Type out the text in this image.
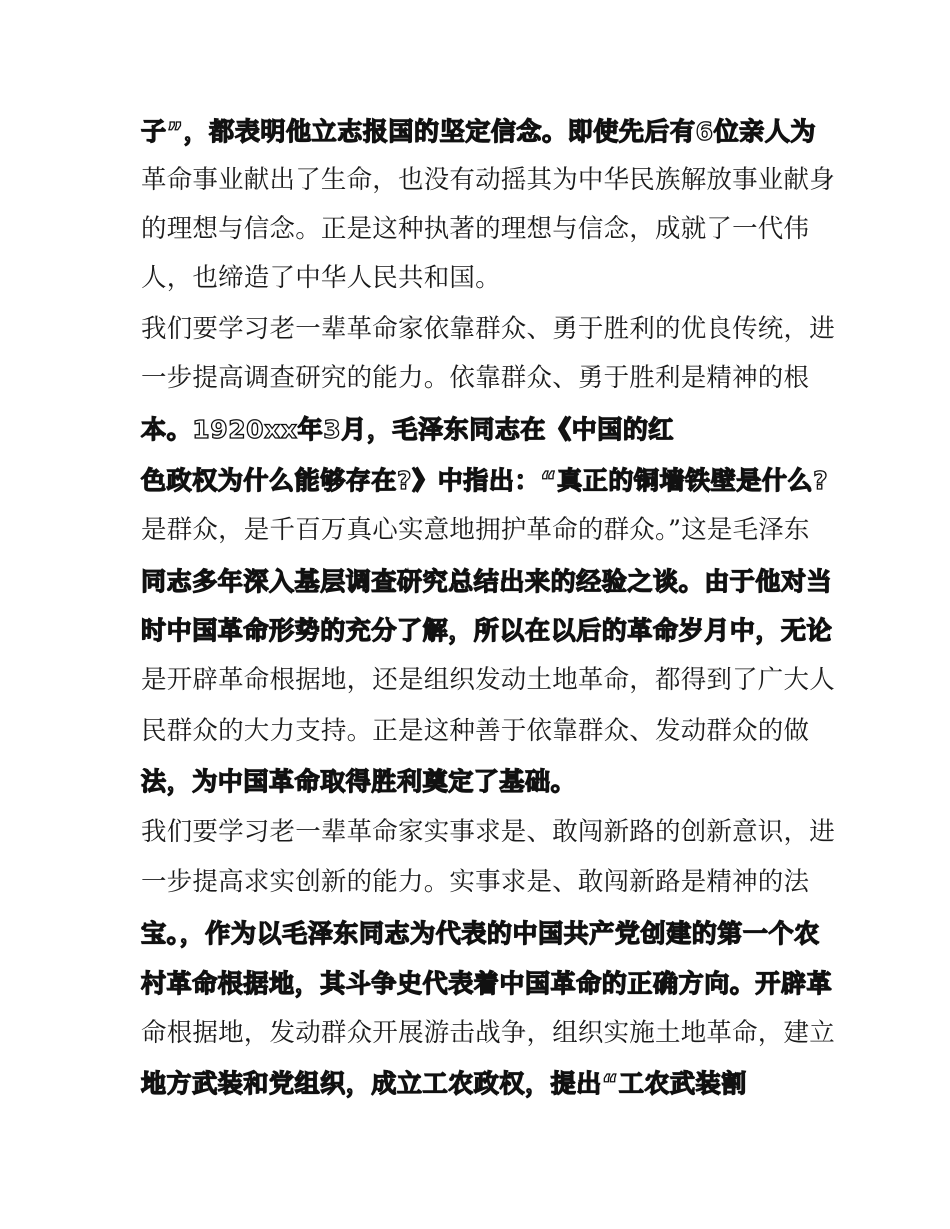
子”，都表明他立志报国的坚定信念。即使先后有6位亲人为
革命事业献出了生命，也没有动摇其为中华民族解放事业献身
的理想与信念。正是这种执著的理想与信念，成就了一代伟
人，也缔造了中华人民共和国。
我们要学习老一辈革命家依靠群众、勇于胜利的优良传统，进
一步提高调查研究的能力。依靠群众、勇于胜利是精神的根
本。1920xx年3月，毛泽东同志在《中国的红
色政权为什么能够存在?》中指出：“真正的铜墙铁壁是什么?
是群众，是千百万真心实意地拥护革命的群众。”这是毛泽东
同志多年深入基层调查研究总结出来的经验之谈。由于他对当
时中国革命形势的充分了解，所以在以后的革命岁月中，无论
是开辟革命根据地，还是组织发动土地革命，都得到了广大人
民群众的大力支持。正是这种善于依靠群众、发动群众的做
法，为中国革命取得胜利奠定了基础。
我们要学习老一辈革命家实事求是、敢闯新路的创新意识，进
一步提高求实创新的能力。实事求是、敢闯新路是精神的法
宝。，作为以毛泽东同志为代表的中国共产党创建的第一个农
村革命根据地，其斗争史代表着中国革命的正确方向。开辟革
命根据地，发动群众开展游击战争，组织实施土地革命，建立
地方武装和党组织，成立工农政权，提出“工农武装割
